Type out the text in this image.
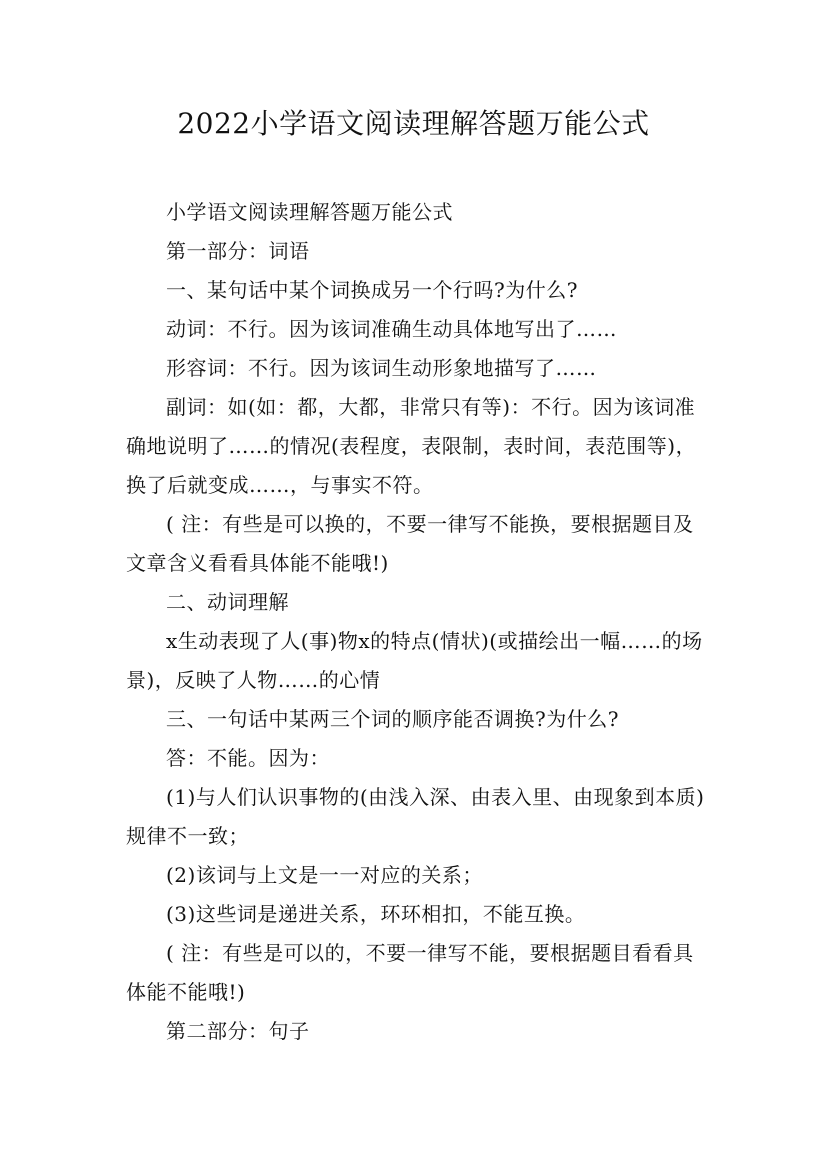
2022小学语文阅读理解答题万能公式

小学语文阅读理解答题万能公式

第一部分：词语

一、某句话中某个词换成另一个行吗?为什么?

动词：不行。因为该词准确生动具体地写出了……

形容词：不行。因为该词生动形象地描写了……

副词：如(如：都，大都，非常只有等)：不行。因为该词准确地说明了……的情况(表程度，表限制，表时间，表范围等)，换了后就变成……，与事实不符。

( 注：有些是可以换的，不要一律写不能换，要根据题目及文章含义看看具体能不能哦!)

二、动词理解

x生动表现了人(事)物x的特点(情状)(或描绘出一幅……的场景)，反映了人物……的心情

三、一句话中某两三个词的顺序能否调换?为什么?

答：不能。因为：

(1)与人们认识事物的(由浅入深、由表入里、由现象到本质)规律不一致；

(2)该词与上文是一一对应的关系；

(3)这些词是递进关系，环环相扣，不能互换。

( 注：有些是可以的，不要一律写不能，要根据题目看看具体能不能哦!)

第二部分：句子
